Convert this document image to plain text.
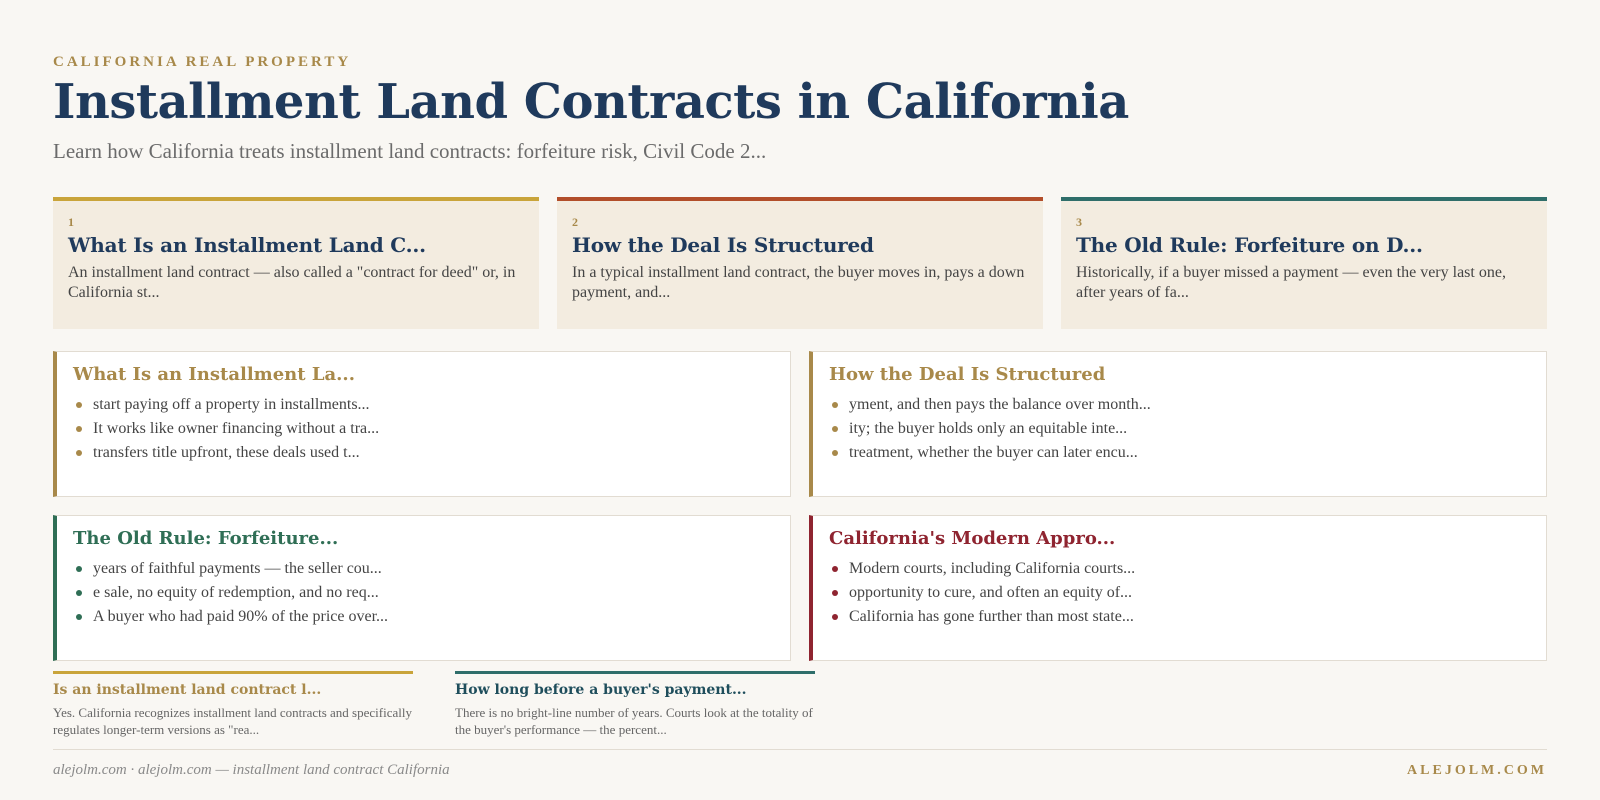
CALIFORNIA REAL PROPERTY
Installment Land Contracts in California
Learn how California treats installment land contracts: forfeiture risk, Civil Code 2...
1
What Is an Installment Land C...
An installment land contract — also called a "contract for deed" or, in California st...
2
How the Deal Is Structured
In a typical installment land contract, the buyer moves in, pays a down payment, and...
3
The Old Rule: Forfeiture on D...
Historically, if a buyer missed a payment — even the very last one, after years of fa...
What Is an Installment La...
start paying off a property in installments...
It works like owner financing without a tra...
transfers title upfront, these deals used t...
How the Deal Is Structured
yment, and then pays the balance over month...
ity; the buyer holds only an equitable inte...
treatment, whether the buyer can later encu...
The Old Rule: Forfeiture...
years of faithful payments — the seller cou...
e sale, no equity of redemption, and no req...
A buyer who had paid 90% of the price over...
California's Modern Appro...
Modern courts, including California courts...
opportunity to cure, and often an equity of...
California has gone further than most state...
Is an installment land contract l...
Yes. California recognizes installment land contracts and specifically regulates longer-term versions as "rea...
How long before a buyer's payment...
There is no bright-line number of years. Courts look at the totality of the buyer's performance — the percent...
alejolm.com · alejolm.com — installment land contract California	ALEJOLM.COM
